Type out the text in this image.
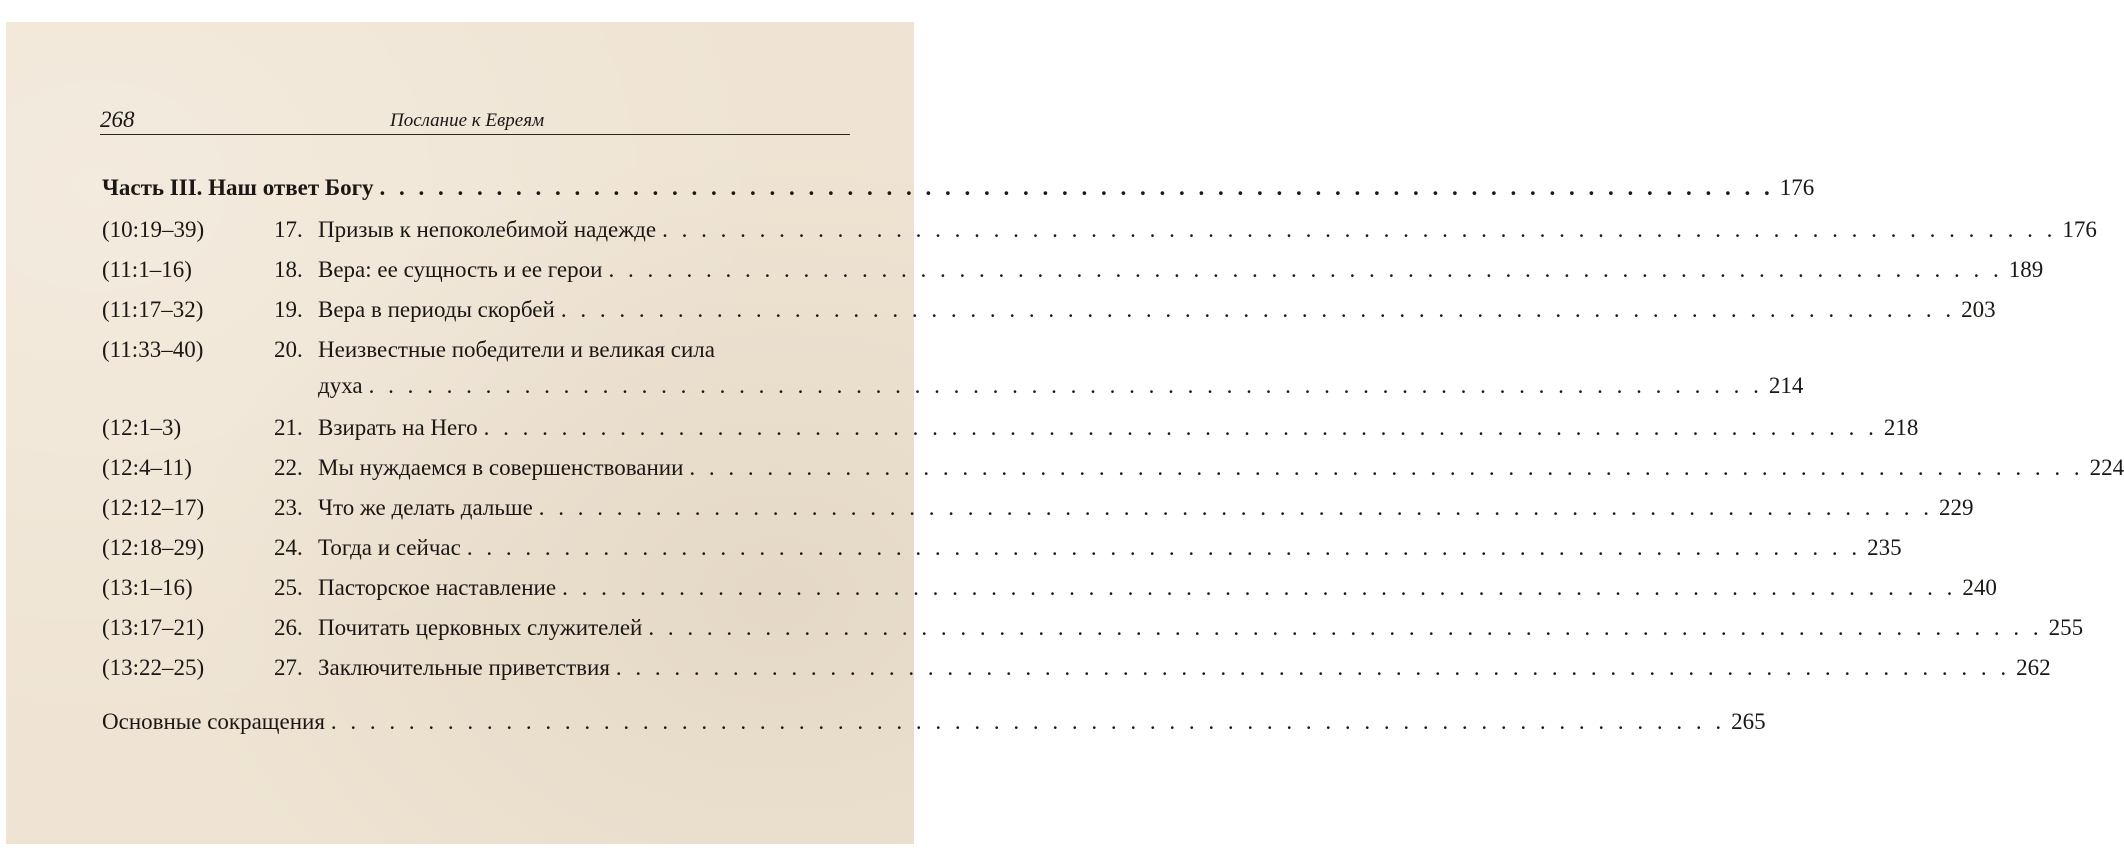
268	Послание к Евреям
Часть III. Наш ответ Богу . . . . . . . . . . . . . . . . . . . . . . . . . . . . . . . . . . . . . . . . . . . . . . . . . . . . . . . . . . . . . . . . . . . . . . . . 176
(10:19–39)	17. Призыв к непоколебимой надежде . . . . . . . . . . . . . . . . . . . . . . . . . . . . . . . . . . . . . . . . . . . . . . . . . . . . . . . . . . . . . . . . . . . . . . . . 176
(11:1–16)	18. Вера: ее сущность и ее герои . . . . . . . . . . . . . . . . . . . . . . . . . . . . . . . . . . . . . . . . . . . . . . . . . . . . . . . . . . . . . . . . . . . . . . . . 189
(11:17–32)	19. Вера в периоды скорбей . . . . . . . . . . . . . . . . . . . . . . . . . . . . . . . . . . . . . . . . . . . . . . . . . . . . . . . . . . . . . . . . . . . . . . . . 203
(11:33–40)	20. Неизвестные победители и великая сила
духа . . . . . . . . . . . . . . . . . . . . . . . . . . . . . . . . . . . . . . . . . . . . . . . . . . . . . . . . . . . . . . . . . . . . . . . . 214
(12:1–3)	21. Взирать на Него . . . . . . . . . . . . . . . . . . . . . . . . . . . . . . . . . . . . . . . . . . . . . . . . . . . . . . . . . . . . . . . . . . . . . . . . 218
(12:4–11)	22. Мы нуждаемся в совершенствовании . . . . . . . . . . . . . . . . . . . . . . . . . . . . . . . . . . . . . . . . . . . . . . . . . . . . . . . . . . . . . . . . . . . . . . . . 224
(12:12–17)	23. Что же делать дальше . . . . . . . . . . . . . . . . . . . . . . . . . . . . . . . . . . . . . . . . . . . . . . . . . . . . . . . . . . . . . . . . . . . . . . . . 229
(12:18–29)	24. Тогда и сейчас . . . . . . . . . . . . . . . . . . . . . . . . . . . . . . . . . . . . . . . . . . . . . . . . . . . . . . . . . . . . . . . . . . . . . . . . 235
(13:1–16)	25. Пасторское наставление . . . . . . . . . . . . . . . . . . . . . . . . . . . . . . . . . . . . . . . . . . . . . . . . . . . . . . . . . . . . . . . . . . . . . . . . 240
(13:17–21)	26. Почитать церковных служителей . . . . . . . . . . . . . . . . . . . . . . . . . . . . . . . . . . . . . . . . . . . . . . . . . . . . . . . . . . . . . . . . . . . . . . . . 255
(13:22–25)	27. Заключительные приветствия . . . . . . . . . . . . . . . . . . . . . . . . . . . . . . . . . . . . . . . . . . . . . . . . . . . . . . . . . . . . . . . . . . . . . . . . 262
Основные сокращения . . . . . . . . . . . . . . . . . . . . . . . . . . . . . . . . . . . . . . . . . . . . . . . . . . . . . . . . . . . . . . . . . . . . . . . . 265
